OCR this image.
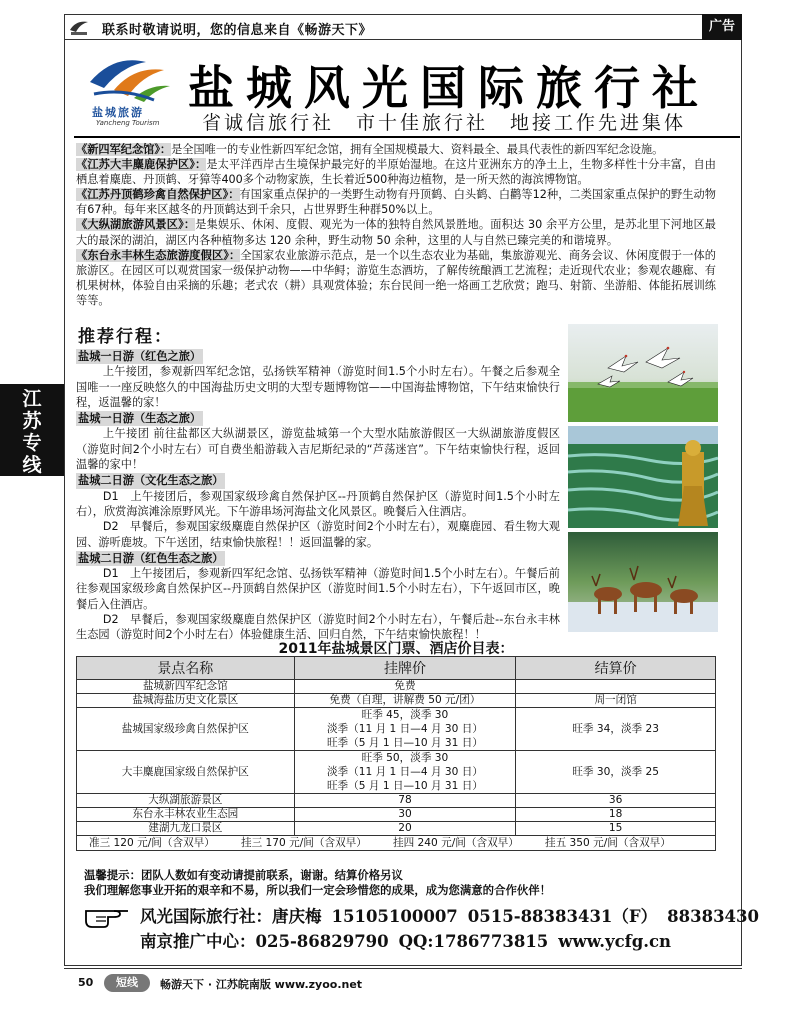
联系时敬请说明，您的信息来自《畅游天下》	广告
江
苏
专
线
盐城旅游
Yancheng Tourism
盐城风光国际旅行社
省诚信旅行社　市十佳旅行社　地接工作先进集体

《新四军纪念馆》：是全国唯一的专业性新四军纪念馆，拥有全国规模最大、资料最全、最具代表性的新四军纪念设施。

《江苏大丰麋鹿保护区》：是太平洋西岸古生境保护最完好的半原始湿地。在这片亚洲东方的净土上，生物多样性十分丰富，自由栖息着麋鹿、丹顶鹤、牙獐等400多个动物家族，生长着近500种海边植物，是一所天然的海滨博物馆。

《江苏丹顶鹤珍禽自然保护区》：有国家重点保护的一类野生动物有丹顶鹤、白头鹤、白鹳等12种，二类国家重点保护的野生动物有67种。每年来区越冬的丹顶鹤达到千余只，占世界野生种群50%以上。

《大纵湖旅游风景区》：是集娱乐、休闲、度假、观光为一体的独特自然风景胜地。面积达 30 余平方公里，是苏北里下河地区最大的最深的湖泊，湖区内各种植物多达 120 余种，野生动物 50 余种，这里的人与自然已臻完美的和谐境界。

《东台永丰林生态旅游度假区》：全国家农业旅游示范点，是一个以生态农业为基础，集旅游观光、商务会议、休闲度假于一体的旅游区。在园区可以观赏国家一级保护动物——中华鲟；游览生态酒坊，了解传统酿酒工艺流程；走近现代农业；参观农趣廊、有机果树林，体验自由采摘的乐趣；老式农（耕）具观赏体验；东台民间一绝一烙画工艺欣赏；跑马、射箭、坐游船、体能拓展训练等等。

推荐行程：
盐城一日游（红色之旅）

上午接团，参观新四军纪念馆，弘扬铁军精神（游览时间1.5个小时左右）。午餐之后参观全国唯一一座反映悠久的中国海盐历史文明的大型专题博物馆——中国海盐博物馆，下午结束愉快行程，返温馨的家！

盐城一日游（生态之旅）

上午接团 前往盐都区大纵湖景区，游览盐城第一个大型水陆旅游假区一大纵湖旅游度假区（游览时间2个小时左右）可自费坐船游载入吉尼斯纪录的“芦荡迷宫”。下午结束愉快行程，返回温馨的家中！

盐城二日游（文化生态之旅）

D1　上午接团后，参观国家级珍禽自然保护区--丹顶鹤自然保护区（游览时间1.5个小时左右），欣赏海滨滩涂原野风光。下午游串场河海盐文化风景区。晚餐后入住酒店。

D2　早餐后，参观国家级麋鹿自然保护区（游览时间2个小时左右），观麋鹿园、看生物大观园、游听鹿坡。下午送团，结束愉快旅程！！返回温馨的家。

盐城二日游（红色生态之旅）

D1　上午接团后，参观新四军纪念馆、弘扬铁军精神（游览时间1.5个小时左右）。午餐后前往参观国家级珍禽自然保护区--丹顶鹤自然保护区（游览时间1.5个小时左右），下午返回市区，晚餐后入住酒店。

D2　早餐后，参观国家级麋鹿自然保护区（游览时间2个小时左右），午餐后赴--东台永丰林生态园（游览时间2个小时左右）体验健康生活、回归自然，下午结束愉快旅程！！

2011年盐城景区门票、酒店价目表：
景点名称	挂牌价	结算价
盐城新四军纪念馆	免费	
盐城海盐历史文化景区	免费（自理，讲解费 50 元/团）	周一闭馆
盐城国家级珍禽自然保护区	旺季 45，淡季 30
淡季（11 月 1 日—4 月 30 日）
旺季（5 月 1 日—10 月 31 日）	旺季 34，淡季 23
大丰麋鹿国家级自然保护区	旺季 50，淡季 30
淡季（11 月 1 日—4 月 30 日）
旺季（5 月 1 日—10 月 31 日）	旺季 30，淡季 25
大纵湖旅游景区	78	36
东台永丰林农业生态园	30	18
建湖九龙口景区	20	15
准三 120 元/间（含双早） 挂三 170 元/间（含双早） 挂四 240 元/间（含双早） 挂五 350 元/间（含双早）		

温馨提示：团队人数如有变动请提前联系，谢谢。结算价格另议

我们理解您事业开拓的艰辛和不易，所以我们一定会珍惜您的成果，成为您满意的合作伙伴！

风光国际旅行社：唐庆梅 15105100007 0515-88383431（F） 88383430
南京推广中心：025-86829790 QQ:1786773815 www.ycfg.cn
50	短线	畅游天下 · 江苏皖南版 www.zyoo.net
